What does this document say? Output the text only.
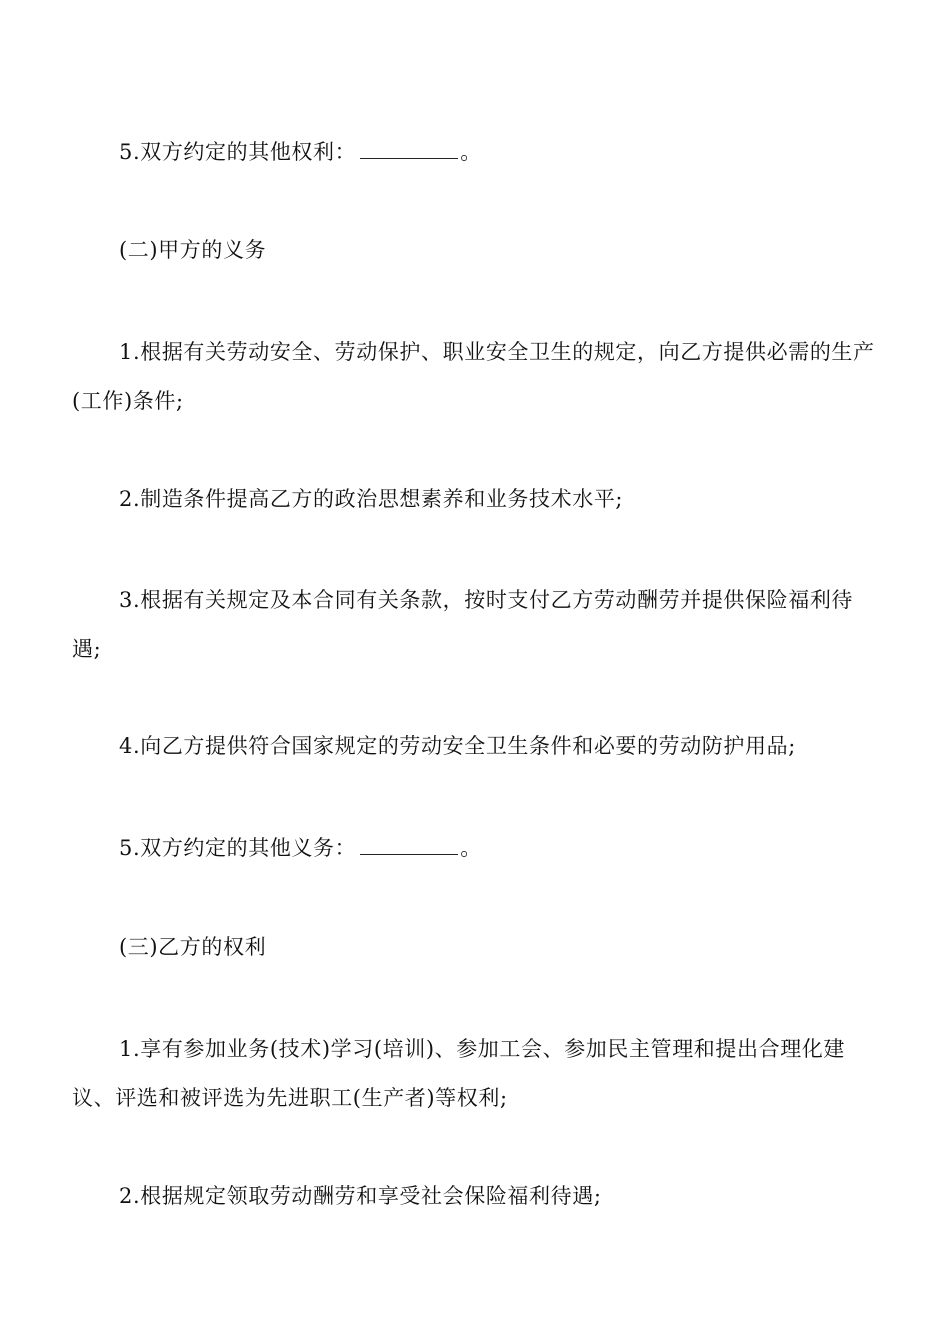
5.双方约定的其他权利：	。

(二)甲方的义务

1.根据有关劳动安全、劳动保护、职业安全卫生的规定，向乙方提供必需的生产(工作)条件;

2.制造条件提高乙方的政治思想素养和业务技术水平;

3.根据有关规定及本合同有关条款，按时支付乙方劳动酬劳并提供保险福利待遇;

4.向乙方提供符合国家规定的劳动安全卫生条件和必要的劳动防护用品;

5.双方约定的其他义务：	。

(三)乙方的权利

1.享有参加业务(技术)学习(培训)、参加工会、参加民主管理和提出合理化建议、评选和被评选为先进职工(生产者)等权利;

2.根据规定领取劳动酬劳和享受社会保险福利待遇;
